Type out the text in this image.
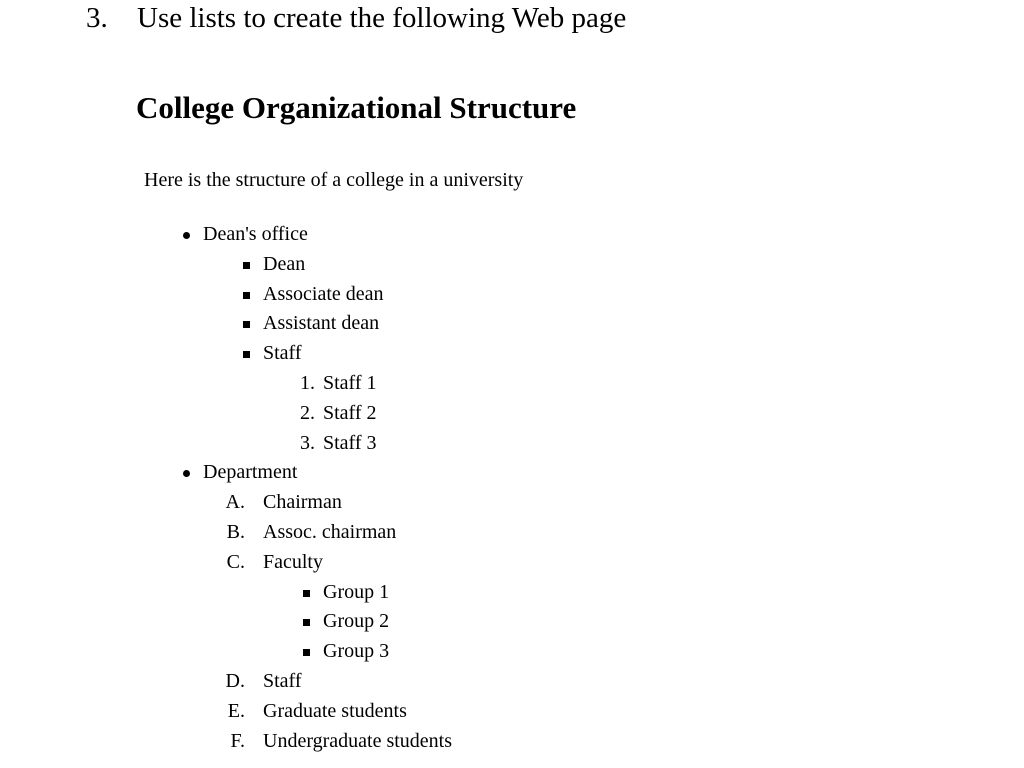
3. Use lists to create the following Web page
College Organizational Structure
Here is the structure of a college in a university
Dean's office
Dean
Associate dean
Assistant dean
Staff
1. Staff 1
2. Staff 2
3. Staff 3
Department
A. Chairman
B. Assoc. chairman
C. Faculty
Group 1
Group 2
Group 3
D. Staff
E. Graduate students
F. Undergraduate students
